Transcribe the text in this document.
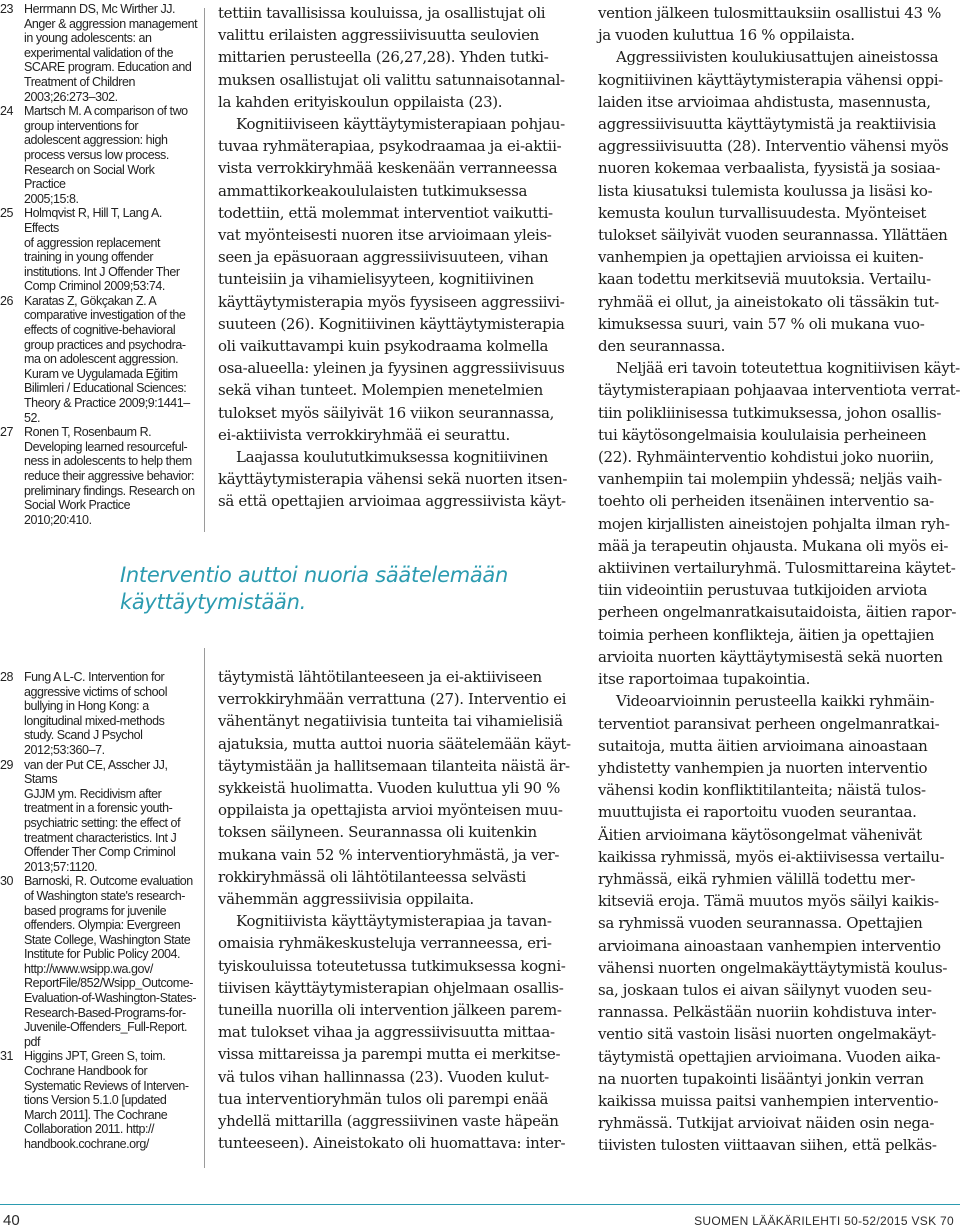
23 Herrmann DS, Mc Wirther JJ.
Anger & aggression management
in young adolescents: an
experimental validation of the
SCARE program. Education and
Treatment of Children
2003;26:273–302.
24 Martsch M. A comparison of two
group interventions for
adolescent aggression: high
process versus low process.
Research on Social Work Practice
2005;15:8.
25 Holmqvist R, Hill T, Lang A. Effects
of aggression replacement
training in young offender
institutions. Int J Offender Ther
Comp Criminol 2009;53:74.
26 Karatas Z, Gökçakan Z. A
comparative investigation of the
effects of cognitive-behavioral
group practices and psychodra-
ma on adolescent aggression.
Kuram ve Uygulamada Eğitim
Bilimleri / Educational Sciences:
Theory & Practice 2009;9:1441–
52.
27 Ronen T, Rosenbaum R.
Developing learned resourceful-
ness in adolescents to help them
reduce their aggressive behavior:
preliminary findings. Research on
Social Work Practice
2010;20:410.
28 Fung A L-C. Intervention for
aggressive victims of school
bullying in Hong Kong: a
longitudinal mixed-methods
study. Scand J Psychol
2012;53:360–7.
29 van der Put CE, Asscher JJ, Stams
GJJM ym. Recidivism after
treatment in a forensic youth-
psychiatric setting: the effect of
treatment characteristics. Int J
Offender Ther Comp Criminol
2013;57:1120.
30 Barnoski, R. Outcome evaluation
of Washington state's research-
based programs for juvenile
offenders. Olympia: Evergreen
State College, Washington State
Institute for Public Policy 2004.
http://www.wsipp.wa.gov/
ReportFile/852/Wsipp_Outcome-
Evaluation-of-Washington-States-
Research-Based-Programs-for-
Juvenile-Offenders_Full-Report.
pdf
31 Higgins JPT, Green S, toim.
Cochrane Handbook for
Systematic Reviews of Interven-
tions Version 5.1.0 [updated
March 2011]. The Cochrane
Collaboration 2011. http://
handbook.cochrane.org/

tettiin tavallisissa kouluissa, ja osallistujat oli
valittu erilaisten aggressiivisuutta seulovien
mittarien perusteella (26,27,28). Yhden tutki-
muksen osallistujat oli valittu satunnaisotannal-
la kahden erityiskoulun oppilaista (23).

Kognitiiviseen käyttäytymisterapiaan pohjau-
tuvaa ryhmäterapiaa, psykodraamaa ja ei-aktii-
vista verrokkiryhmää keskenään verranneessa
ammattikorkeakoululaisten tutkimuksessa
todettiin, että molemmat interventiot vaikutti-
vat myönteisesti nuoren itse arvioimaan yleis-
seen ja epäsuoraan aggressiivisuuteen, vihan
tunteisiin ja vihamielisyyteen, kognitiivinen
käyttäytymisterapia myös fyysiseen aggressiivi-
suuteen (26). Kognitiivinen käyttäytymisterapia
oli vaikuttavampi kuin psykodraama kolmella
osa-alueella: yleinen ja fyysinen aggressiivisuus
sekä vihan tunteet. Molempien menetelmien
tulokset myös säilyivät 16 viikon seurannassa,
ei-aktiivista verrokkiryhmää ei seurattu.

Laajassa koulututkimuksessa kognitiivinen
käyttäytymisterapia vähensi sekä nuorten itsen-
sä että opettajien arvioimaa aggressiivista käyt-

Interventio auttoi nuoria säätelemään
käyttäytymistään.

täytymistä lähtötilanteeseen ja ei-aktiiviseen
verrokkiryhmään verrattuna (27). Interventio ei
vähentänyt negatiivisia tunteita tai vihamielisiä
ajatuksia, mutta auttoi nuoria säätelemään käyt-
täytymistään ja hallitsemaan tilanteita näistä är-
sykkeistä huolimatta. Vuoden kuluttua yli 90 %
oppilaista ja opettajista arvioi myönteisen muu-
toksen säilyneen. Seurannassa oli kuitenkin
mukana vain 52 % interventioryhmästä, ja ver-
rokkiryhmässä oli lähtötilanteessa selvästi
vähemmän aggressiivisia oppilaita.

Kognitiivista käyttäytymisterapiaa ja tavan-
omaisia ryhmäkeskusteluja verranneessa, eri-
tyiskouluissa toteutetussa tutkimuksessa kogni-
tiivisen käyttäytymisterapian ohjelmaan osallis-
tuneilla nuorilla oli intervention jälkeen parem-
mat tulokset vihaa ja aggressiivisuutta mittaa-
vissa mittareissa ja parempi mutta ei merkitse-
vä tulos vihan hallinnassa (23). Vuoden kulut-
tua interventioryhmän tulos oli parempi enää
yhdellä mittarilla (aggressiivinen vaste häpeän
tunteeseen). Aineistokato oli huomattava: inter-

vention jälkeen tulosmittauksiin osallistui 43 %
ja vuoden kuluttua 16 % oppilaista.

Aggressiivisten koulukiusattujen aineistossa
kognitiivinen käyttäytymisterapia vähensi oppi-
laiden itse arvioimaa ahdistusta, masennusta,
aggressiivisuutta käyttäytymistä ja reaktiivisia
aggressiivisuutta (28). Interventio vähensi myös
nuoren kokemaa verbaalista, fyysistä ja sosiaa-
lista kiusatuksi tulemista koulussa ja lisäsi ko-
kemusta koulun turvallisuudesta. Myönteiset
tulokset säilyivät vuoden seurannassa. Yllättäen
vanhempien ja opettajien arvioissa ei kuiten-
kaan todettu merkitseviä muutoksia. Vertailu-
ryhmää ei ollut, ja aineistokato oli tässäkin tut-
kimuksessa suuri, vain 57 % oli mukana vuo-
den seurannassa.

Neljää eri tavoin toteutettua kognitiivisen käyt-
täytymisterapiaan pohjaavaa interventiota verrat-
tiin polikliinisessa tutkimuksessa, johon osallis-
tui käytösongelmaisia koululaisia perheineen
(22). Ryhmäinterventio kohdistui joko nuoriin,
vanhempiin tai molempiin yhdessä; neljäs vaih-
toehto oli perheiden itsenäinen interventio sa-
mojen kirjallisten aineistojen pohjalta ilman ryh-
mää ja terapeutin ohjausta. Mukana oli myös ei-
aktiivinen vertailuryhmä. Tulosmittareina käytet-
tiin videointiin perustuvaa tutkijoiden arviota
perheen ongelmanratkaisutaidoista, äitien rapor-
toimia perheen konflikteja, äitien ja opettajien
arvioita nuorten käyttäytymisestä sekä nuorten
itse raportoimaa tupakointia.

Videoarvioinnin perusteella kaikki ryhmäin-
terventiot paransivat perheen ongelmanratkai-
sutaitoja, mutta äitien arvioimana ainoastaan
yhdistetty vanhempien ja nuorten interventio
vähensi kodin konfliktitilanteita; näistä tulos-
muuttujista ei raportoitu vuoden seurantaa.
Äitien arvioimana käytösongelmat vähenivät
kaikissa ryhmissä, myös ei-aktiivisessa vertailu-
ryhmässä, eikä ryhmien välillä todettu mer-
kitseviä eroja. Tämä muutos myös säilyi kaikis-
sa ryhmissä vuoden seurannassa. Opettajien
arvioimana ainoastaan vanhempien interventio
vähensi nuorten ongelmakäyttäytymistä koulus-
sa, joskaan tulos ei aivan säilynyt vuoden seu-
rannassa. Pelkästään nuoriin kohdistuva inter-
ventio sitä vastoin lisäsi nuorten ongelmakäyt-
täytymistä opettajien arvioimana. Vuoden aika-
na nuorten tupakointi lisääntyi jonkin verran
kaikissa muissa paitsi vanhempien interventio-
ryhmässä. Tutkijat arvioivat näiden osin nega-
tiivisten tulosten viittaavan siihen, että pelkäs-

40	SUOMEN LÄÄKÄRILEHTI 50-52/2015 VSK 70
